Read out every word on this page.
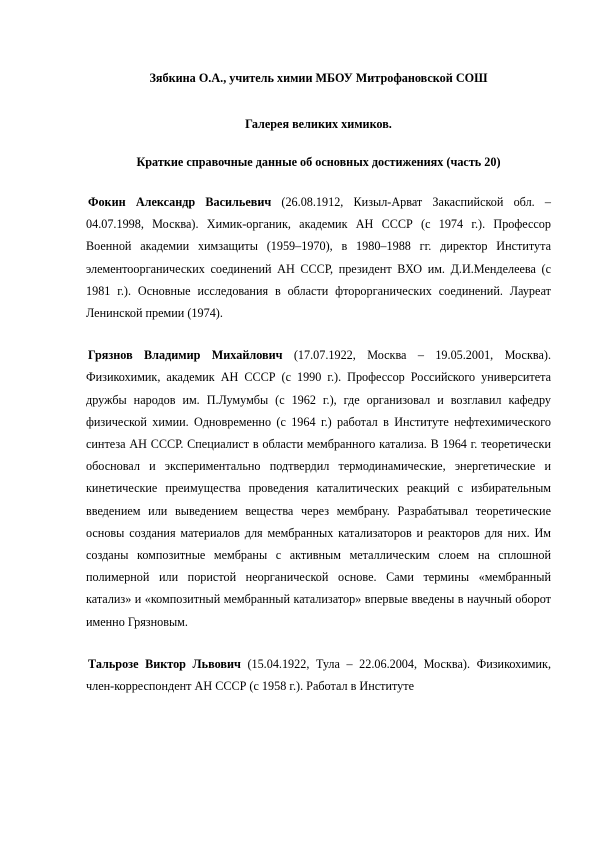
Зябкина О.А., учитель химии МБОУ Митрофановской СОШ

Галерея великих химиков.

Краткие справочные данные об основных достижениях (часть 20)

Фокин Александр Васильевич (26.08.1912, Кизыл-Арват Закаспийской обл. – 04.07.1998, Москва). Химик-органик, академик АН СССР (с 1974 г.). Профессор Военной академии химзащиты (1959–1970), в 1980–1988 гг. директор Института элементоорганических соединений АН СССР, президент ВХО им. Д.И.Менделеева (с 1981 г.). Основные исследования в области фторорганических соединений. Лауреат Ленинской премии (1974).

Грязнов Владимир Михайлович (17.07.1922, Москва – 19.05.2001, Москва). Физикохимик, академик АН СССР (с 1990 г.). Профессор Российского университета дружбы народов им. П.Лумумбы (с 1962 г.), где организовал и возглавил кафедру физической химии. Одновременно (с 1964 г.) работал в Институте нефтехимического синтеза АН СССР. Специалист в области мембранного катализа. В 1964 г. теоретически обосновал и экспериментально подтвердил термодинамические, энергетические и кинетические преимущества проведения каталитических реакций с избирательным введением или выведением вещества через мембрану. Разрабатывал теоретические основы создания материалов для мембранных катализаторов и реакторов для них. Им созданы композитные мембраны с активным металлическим слоем на сплошной полимерной или пористой неорганической основе. Сами термины «мембранный катализ» и «композитный мембранный катализатор» впервые введены в научный оборот именно Грязновым.

Тальрозе Виктор Львович (15.04.1922, Тула – 22.06.2004, Москва). Физикохимик, член-корреспондент АН СССР (с 1958 г.). Работал в Институте
